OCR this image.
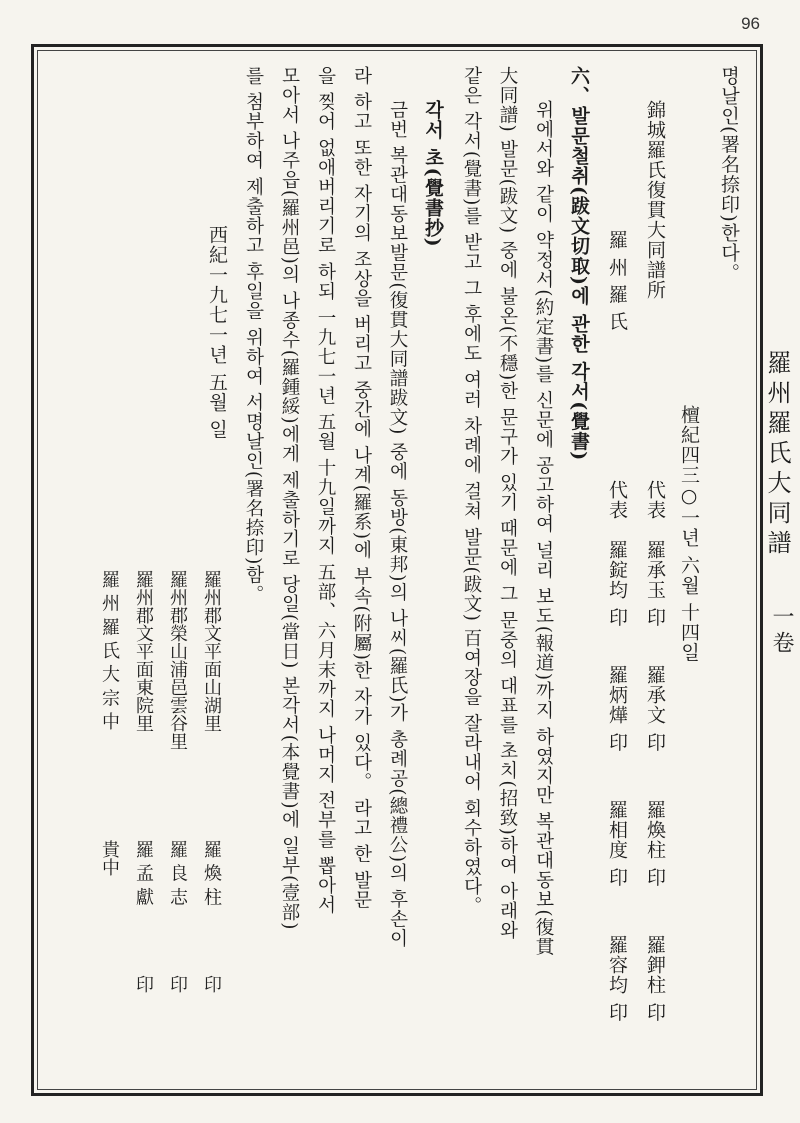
96
羅州羅氏大同譜
一卷
명날인(署名捺印)한다。
檀紀四三○一년 六월 十四일
錦城羅氏復貫大同譜所
代表
羅承玉 印
羅承文 印
羅煥柱 印
羅鉀柱 印
羅 州 羅 氏
代表
羅錠均 印
羅炳燁 印
羅相度 印
羅容均 印
六、발문철취(跋文切取)에 관한 각서(覺書)
위에서와 같이 약정서(約定書)를 신문에 공고하여 널리 보도(報道)까지 하였지만 복관대동보(復貫
大同譜) 발문(跋文) 중에 불온(不穩)한 문구가 있기 때문에 그 문중의 대표를 초치(招致)하여 아래와
같은 각서(覺書)를 받고 그 후에도 여러 차례에 걸쳐 발문(跋文) 百여장을 잘라내어 회수하였다。
각서 초(覺書抄)
금번 복관대동보발문(復貫大同譜跋文) 중에 동방(東邦)의 나씨(羅氏)가 총례공(總禮公)의 후손이
라 하고 또한 자기의 조상을 버리고 중간에 나계(羅系)에 부속(附屬)한 자가 있다。 라고 한 발문
을 찢어 없애버리기로 하되 一九七一년 五월 十九일까지 五部、六月末까지 나머지 전부를 뽑아서
모아서 나주읍(羅州邑)의 나종수(羅鍾綏)에게 제출하기로 당일(當日) 본각서(本覺書)에 일부(壹部)
를 첨부하여 제출하고 후일을 위하여 서명날인(署名捺印)함。
西紀一九七一년 五월 일
羅州郡文平面山湖里
羅 煥 柱
印
羅州郡榮山浦邑雲谷里
羅 良 志
印
羅州郡文平面東院里
羅 孟 獻
印
羅 州 羅 氏 大 宗 中
貴中
